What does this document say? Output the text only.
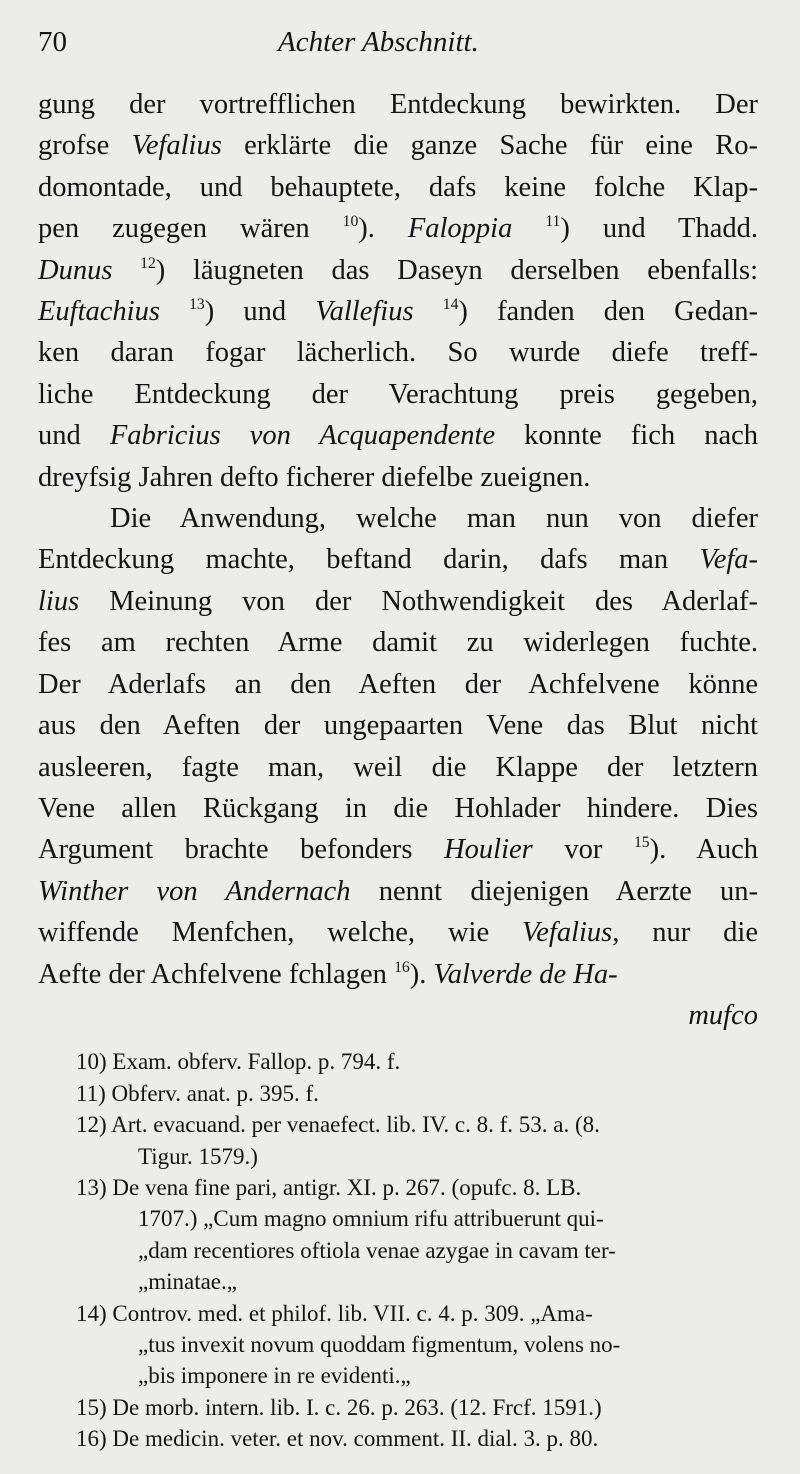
70	Achter Abschnitt.
gung der vortrefflichen Entdeckung bewirkten. Der
grofse Vefalius erklärte die ganze Sache für eine Ro-
domontade, und behauptete, dafs keine folche Klap-
pen zugegen wären $^{10}$). Faloppia $^{11}$) und Thadd.
Dunus $^{12}$) läugneten das Daseyn derselben ebenfalls:
Euftachius $^{13}$) und Vallefius $^{14}$) fanden den Gedan-
ken daran fogar lächerlich. So wurde diefe treff-
liche Entdeckung der Verachtung preis gegeben,
und Fabricius von Acquapendente konnte fich nach
dreyfsig Jahren defto ficherer diefelbe zueignen.
Die Anwendung, welche man nun von diefer
Entdeckung machte, beftand darin, dafs man Vefa-
lius Meinung von der Nothwendigkeit des Aderlaf-
fes am rechten Arme damit zu widerlegen fuchte.
Der Aderlafs an den Aeften der Achfelvene könne
aus den Aeften der ungepaarten Vene das Blut nicht
ausleeren, fagte man, weil die Klappe der letztern
Vene allen Rückgang in die Hohlader hindere. Dies
Argument brachte befonders Houlier vor $^{15}$). Auch
Winther von Andernach nennt diejenigen Aerzte un-
wiffende Menfchen, welche, wie Vefalius, nur die
Aefte der Achfelvene fchlagen $^{16}$). Valverde de Ha-
mufco
10) Exam. obferv. Fallop. p. 794. f.
11) Obferv. anat. p. 395. f.
12) Art. evacuand. per venaefect. lib. IV. c. 8. f. 53. a. (8.
Tigur. 1579.)
13) De vena fine pari, antigr. XI. p. 267. (opufc. 8. LB.
1707.) „Cum magno omnium rifu attribuerunt qui-
„dam recentiores oftiola venae azygae in cavam ter-
„minatae.„
14) Controv. med. et philof. lib. VII. c. 4. p. 309. „Ama-
„tus invexit novum quoddam figmentum, volens no-
„bis imponere in re evidenti.„
15) De morb. intern. lib. I. c. 26. p. 263. (12. Frcf. 1591.)
16) De medicin. veter. et nov. comment. II. dial. 3. p. 80.
